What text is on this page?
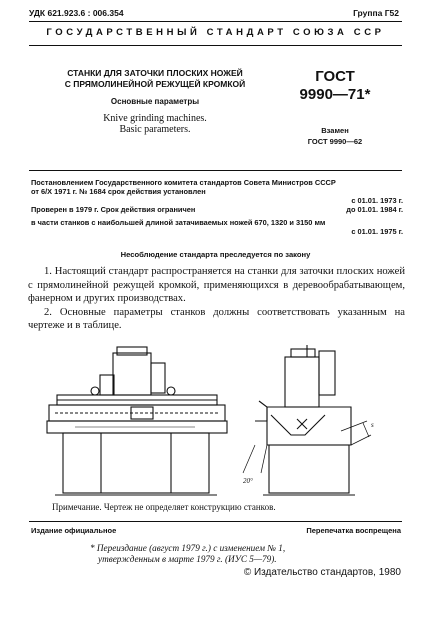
УДК 621.923.6 : 006.354	Группа Г52
ГОСУДАРСТВЕННЫЙ СТАНДАРТ СОЮЗА ССР
СТАНКИ ДЛЯ ЗАТОЧКИ ПЛОСКИХ НОЖЕЙ
С ПРЯМОЛИНЕЙНОЙ РЕЖУЩЕЙ КРОМКОЙ
Основные параметры
Knive grinding machines.
Basic parameters.
ГОСТ
9990—71*
Взамен
ГОСТ 9990—62
Постановлением Государственного комитета стандартов Совета Министров СССР
от 6/Х 1971 г. № 1684 срок действия установлен
с 01.01. 1973 г.
до 01.01. 1984 г.
Проверен в 1979 г. Срок действия ограничен
в части станков с наибольшей длиной затачиваемых ножей 670, 1320 и 3150 мм
с 01.01. 1975 г.
Несоблюдение стандарта преследуется по закону

1. Настоящий стандарт распространяется на станки для заточки плоских ножей с прямолинейной режущей кромкой, применяющихся в деревообрабатывающем, фанерном и других производствах.

2. Основные параметры станков должны соответствовать указанным на чертеже и в таблице.

20°
s
Примечание. Чертеж не определяет конструкцию станков.
Издание официальное	Перепечатка воспрещена
* Переиздание (август 1979 г.) с изменением № 1,
утвержденным в марте 1979 г. (ИУС 5—79).
© Издательство стандартов, 1980
